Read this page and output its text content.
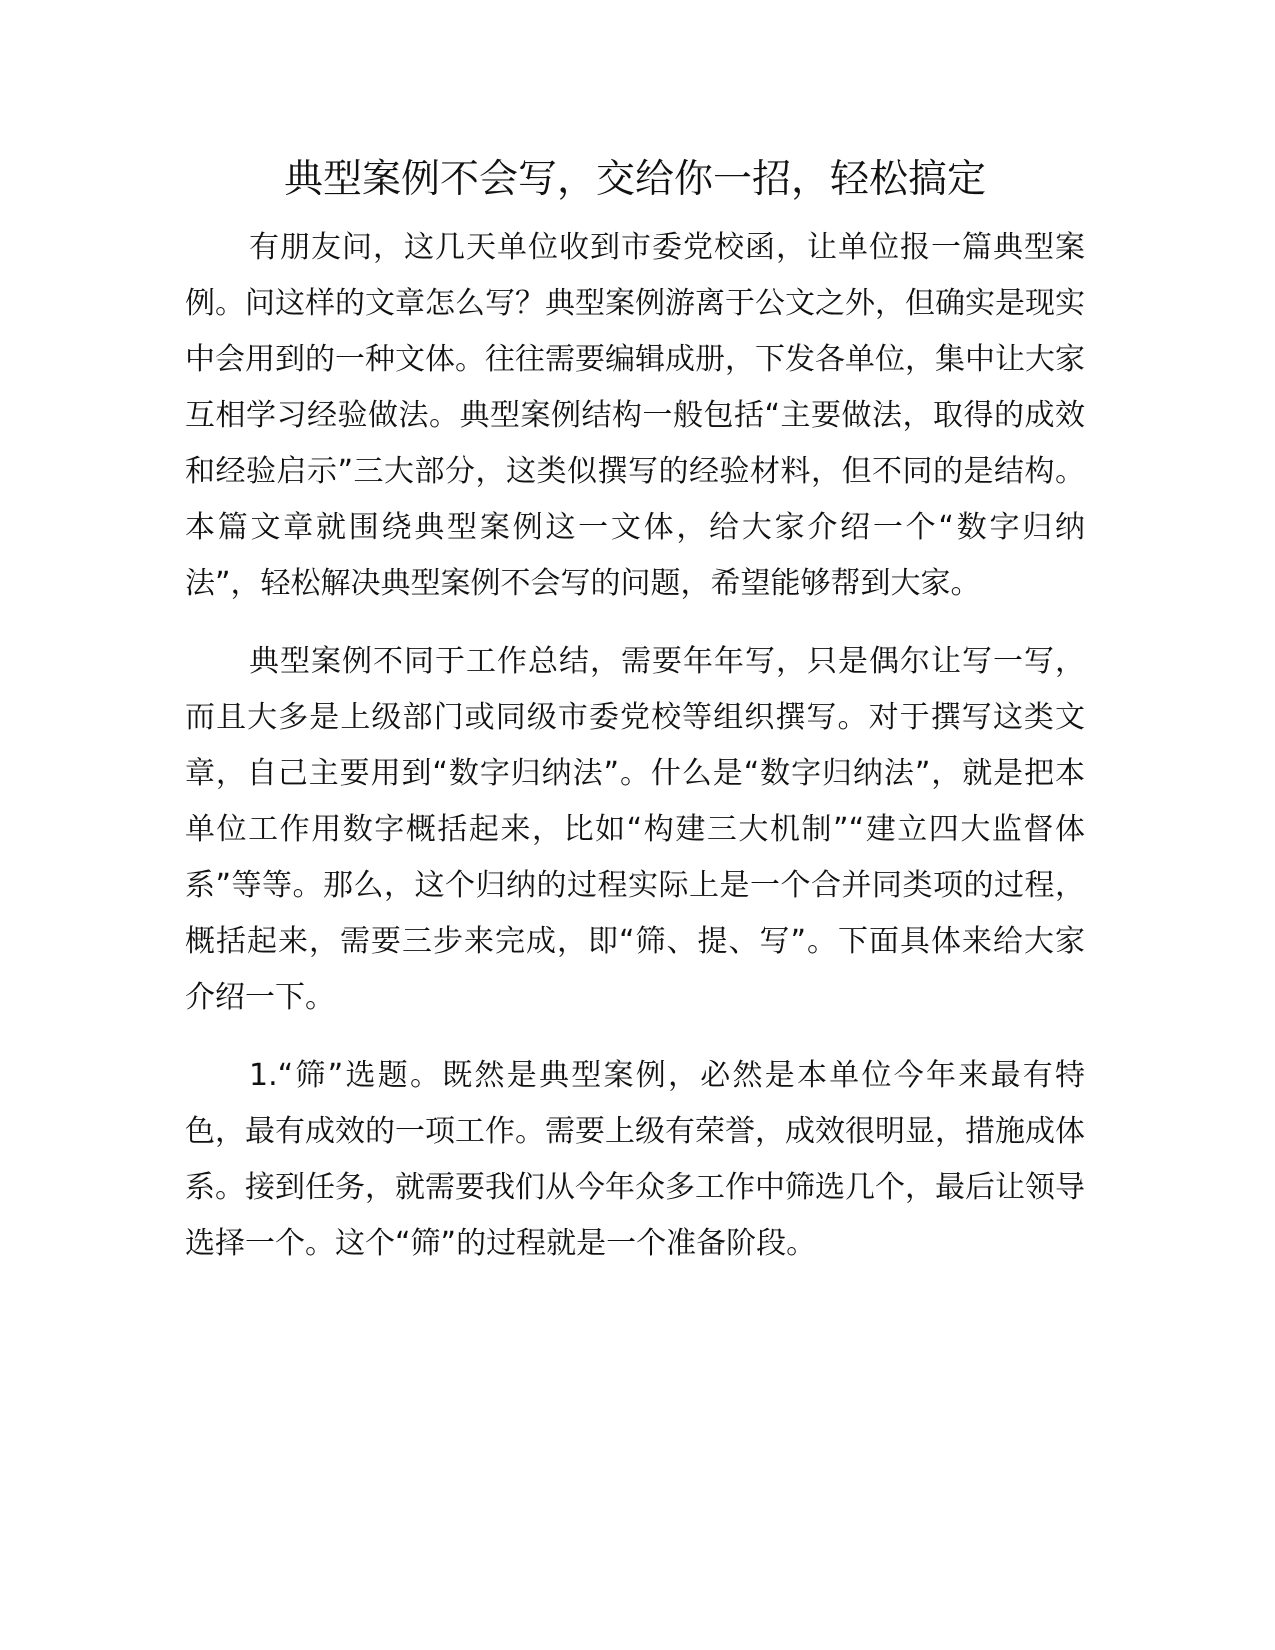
典型案例不会写，交给你一招，轻松搞定

有朋友问，这几天单位收到市委党校函，让单位报一篇典型案例。问这样的文章怎么写？典型案例游离于公文之外，但确实是现实中会用到的一种文体。往往需要编辑成册，下发各单位，集中让大家互相学习经验做法。典型案例结构一般包括“主要做法，取得的成效和经验启示”三大部分，这类似撰写的经验材料，但不同的是结构。本篇文章就围绕典型案例这一文体，给大家介绍一个“数字归纳法”，轻松解决典型案例不会写的问题，希望能够帮到大家。

典型案例不同于工作总结，需要年年写，只是偶尔让写一写，而且大多是上级部门或同级市委党校等组织撰写。对于撰写这类文章，自己主要用到“数字归纳法”。什么是“数字归纳法”，就是把本单位工作用数字概括起来，比如“构建三大机制”“建立四大监督体系”等等。那么，这个归纳的过程实际上是一个合并同类项的过程，概括起来，需要三步来完成，即“筛、提、写”。下面具体来给大家介绍一下。

1.“筛”选题。既然是典型案例，必然是本单位今年来最有特色，最有成效的一项工作。需要上级有荣誉，成效很明显，措施成体系。接到任务，就需要我们从今年众多工作中筛选几个，最后让领导选择一个。这个“筛”的过程就是一个准备阶段。
